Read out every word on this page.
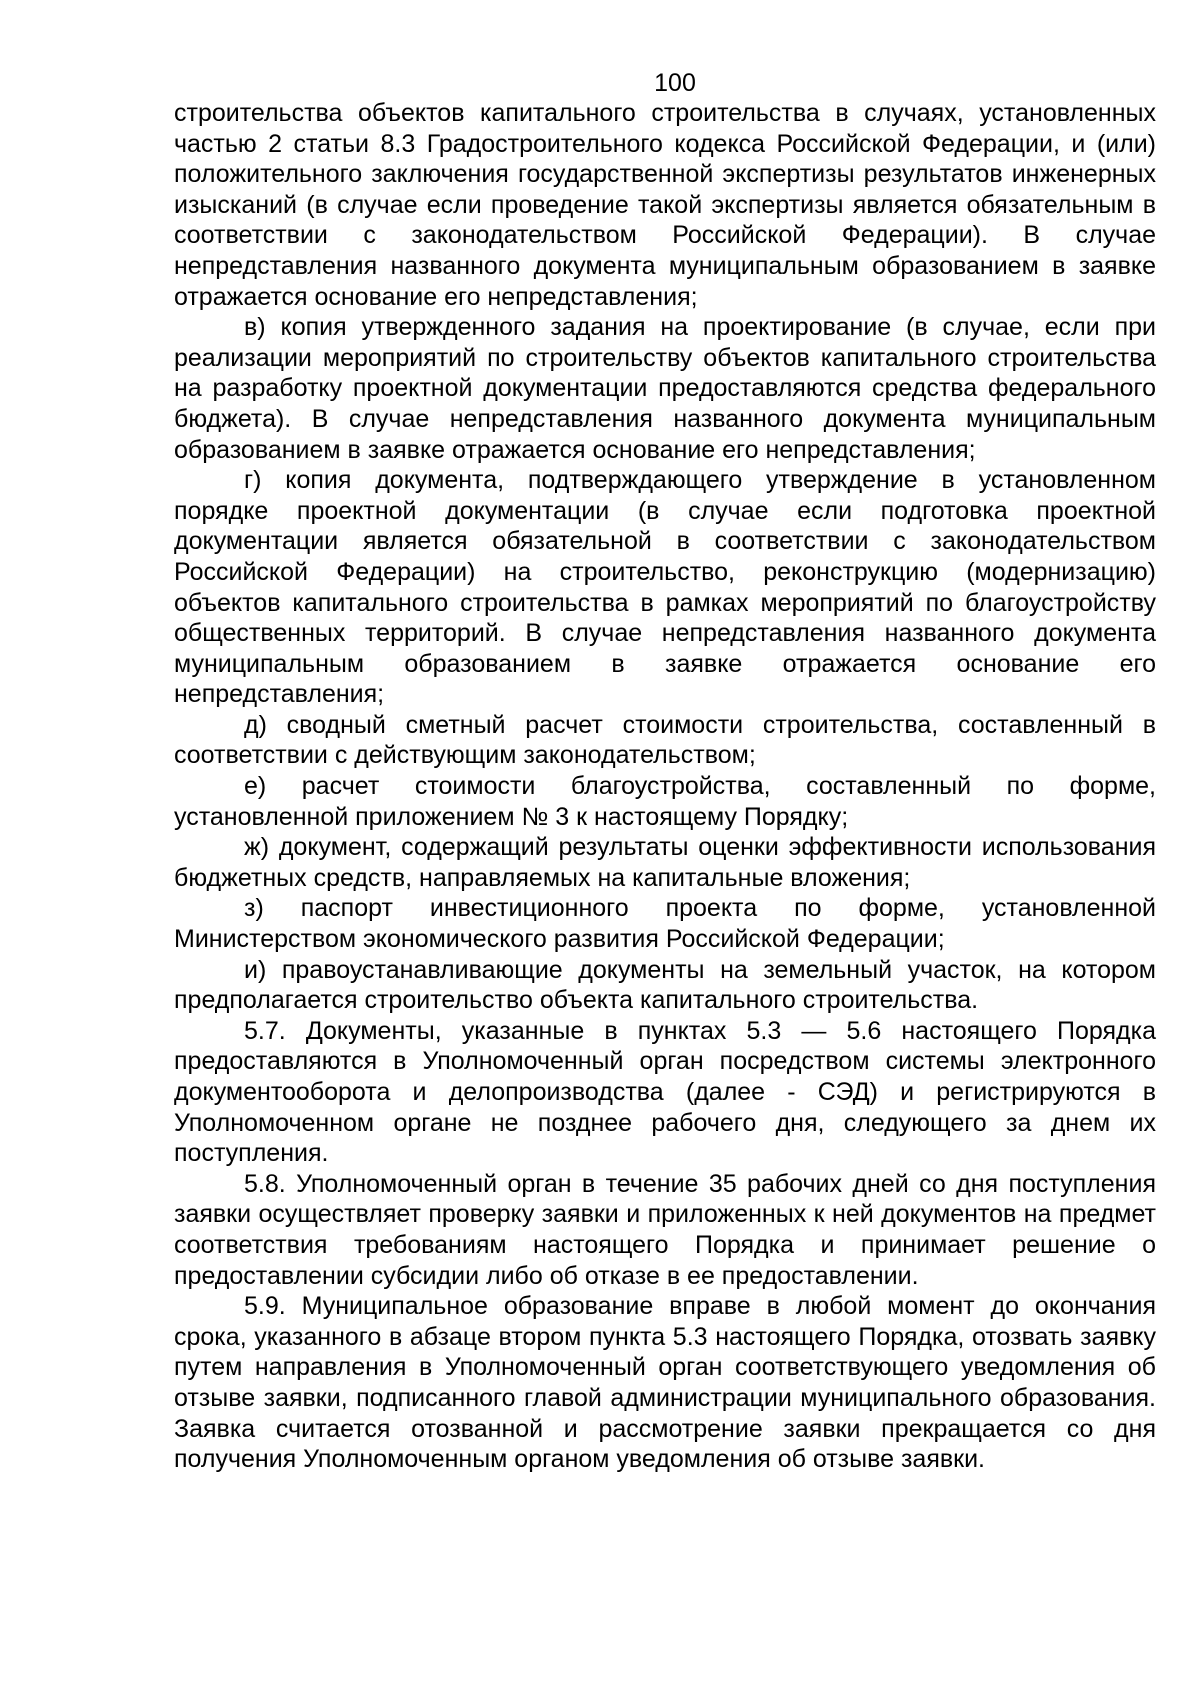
100

строительства объектов капитального строительства в случаях, установленных частью 2 статьи 8.3 Градостроительного кодекса Российской Федерации, и (или) положительного заключения государственной экспертизы результатов инженерных изысканий (в случае если проведение такой экспертизы является обязательным в соответствии с законодательством Российской Федерации). В случае непредставления названного документа муниципальным образованием в заявке отражается основание его непредставления;

в) копия утвержденного задания на проектирование (в случае, если при реализации мероприятий по строительству объектов капитального строительства на разработку проектной документации предоставляются средства федерального бюджета). В случае непредставления названного документа муниципальным образованием в заявке отражается основание его непредставления;

г) копия документа, подтверждающего утверждение в установленном порядке проектной документации (в случае если подготовка проектной документации является обязательной в соответствии с законодательством Российской Федерации) на строительство, реконструкцию (модернизацию) объектов капитального строительства в рамках мероприятий по благоустройству общественных территорий. В случае непредставления названного документа муниципальным образованием в заявке отражается основание его непредставления;

д) сводный сметный расчет стоимости строительства, составленный в соответствии с действующим законодательством;

е) расчет стоимости благоустройства, составленный по форме, установленной приложением № 3 к настоящему Порядку;

ж) документ, содержащий результаты оценки эффективности использования бюджетных средств, направляемых на капитальные вложения;

з) паспорт инвестиционного проекта по форме, установленной Министерством экономического развития Российской Федерации;

и) правоустанавливающие документы на земельный участок, на котором предполагается строительство объекта капитального строительства.

5.7. Документы, указанные в пунктах 5.3 — 5.6 настоящего Порядка предоставляются в Уполномоченный орган посредством системы электронного документооборота и делопроизводства (далее - СЭД) и регистрируются в Уполномоченном органе не позднее рабочего дня, следующего за днем их поступления.

5.8. Уполномоченный орган в течение 35 рабочих дней со дня поступления заявки осуществляет проверку заявки и приложенных к ней документов на предмет соответствия требованиям настоящего Порядка и принимает решение о предоставлении субсидии либо об отказе в ее предоставлении.

5.9. Муниципальное образование вправе в любой момент до окончания срока, указанного в абзаце втором пункта 5.3 настоящего Порядка, отозвать заявку путем направления в Уполномоченный орган соответствующего уведомления об отзыве заявки, подписанного главой администрации муниципального образования. Заявка считается отозванной и рассмотрение заявки прекращается со дня получения Уполномоченным органом уведомления об отзыве заявки.
